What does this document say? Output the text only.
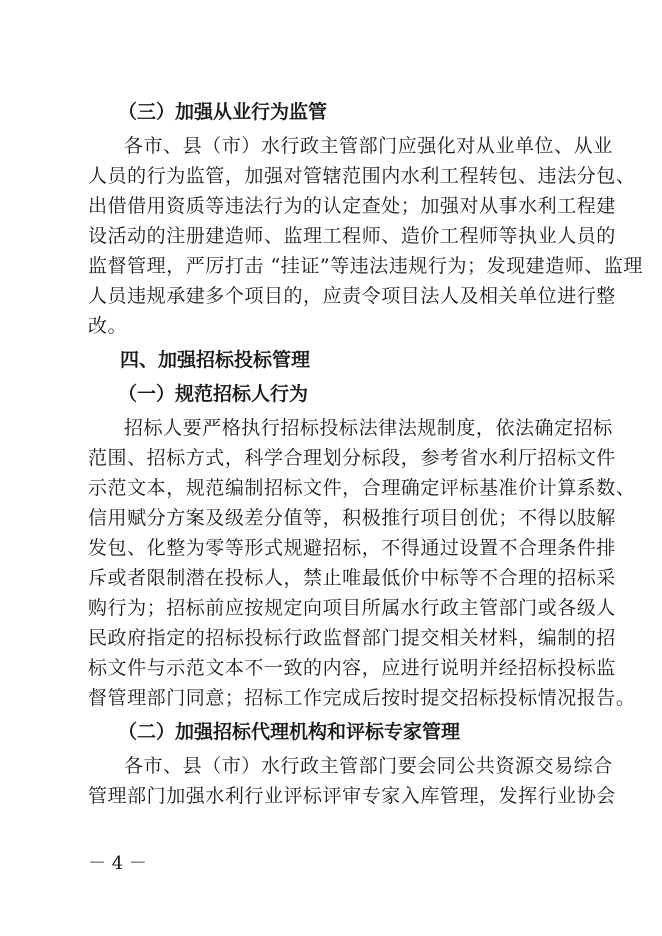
（三）加强从业行为监管
各市、县（市）水行政主管部门应强化对从业单位、从业
人员的行为监管，加强对管辖范围内水利工程转包、违法分包、
出借借用资质等违法行为的认定查处；加强对从事水利工程建
设活动的注册建造师、监理工程师、造价工程师等执业人员的
监督管理，严厉打击 “挂证”等违法违规行为；发现建造师、监理
人员违规承建多个项目的，应责令项目法人及相关单位进行整
改。
四、加强招标投标管理
（一）规范招标人行为
招标人要严格执行招标投标法律法规制度，依法确定招标
范围、招标方式，科学合理划分标段，参考省水利厅招标文件
示范文本，规范编制招标文件，合理确定评标基准价计算系数、
信用赋分方案及级差分值等，积极推行项目创优；不得以肢解
发包、化整为零等形式规避招标，不得通过设置不合理条件排
斥或者限制潜在投标人，禁止唯最低价中标等不合理的招标采
购行为；招标前应按规定向项目所属水行政主管部门或各级人
民政府指定的招标投标行政监督部门提交相关材料，编制的招
标文件与示范文本不一致的内容，应进行说明并经招标投标监
督管理部门同意；招标工作完成后按时提交招标投标情况报告。
（二）加强招标代理机构和评标专家管理
各市、县（市）水行政主管部门要会同公共资源交易综合
管理部门加强水利行业评标评审专家入库管理，发挥行业协会
－ 4 －
